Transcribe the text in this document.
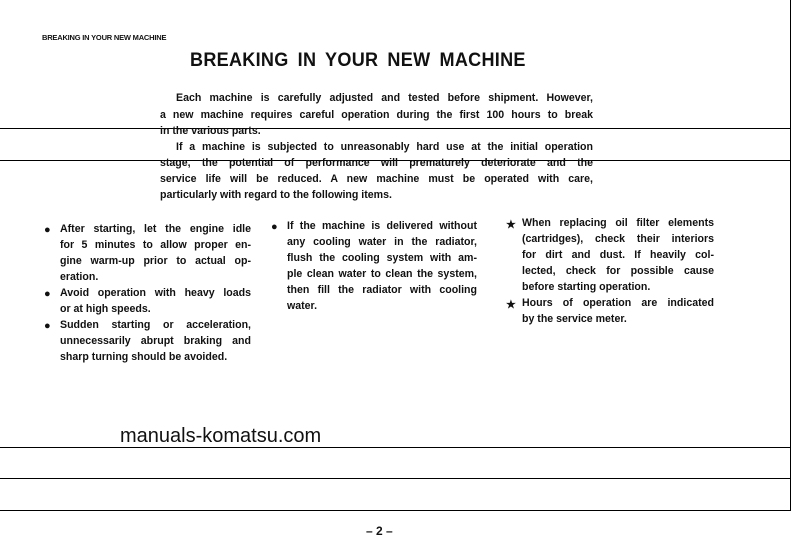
BREAKING IN YOUR NEW MACHINE
BREAKING IN YOUR NEW MACHINE
Each machine is carefully adjusted and tested before shipment. However,
a new machine requires careful operation during the first 100 hours to break
in the various parts.
If a machine is subjected to unreasonably hard use at the initial operation
stage, the potential of performance will prematurely deteriorate and the
service life will be reduced. A new machine must be operated with care,
particularly with regard to the following items.
● After starting, let the engine idle
for 5 minutes to allow proper en-
gine warm-up prior to actual op-
eration.
● Avoid operation with heavy loads
or at high speeds.
● Sudden starting or acceleration,
unnecessarily abrupt braking and
sharp turning should be avoided.
● If the machine is delivered without
any cooling water in the radiator,
flush the cooling system with am-
ple clean water to clean the system,
then fill the radiator with cooling
water.
★ When replacing oil filter elements
(cartridges), check their interiors
for dirt and dust. If heavily col-
lected, check for possible cause
before starting operation.
★ Hours of operation are indicated
by the service meter.
manuals-komatsu.com
– 2 –
